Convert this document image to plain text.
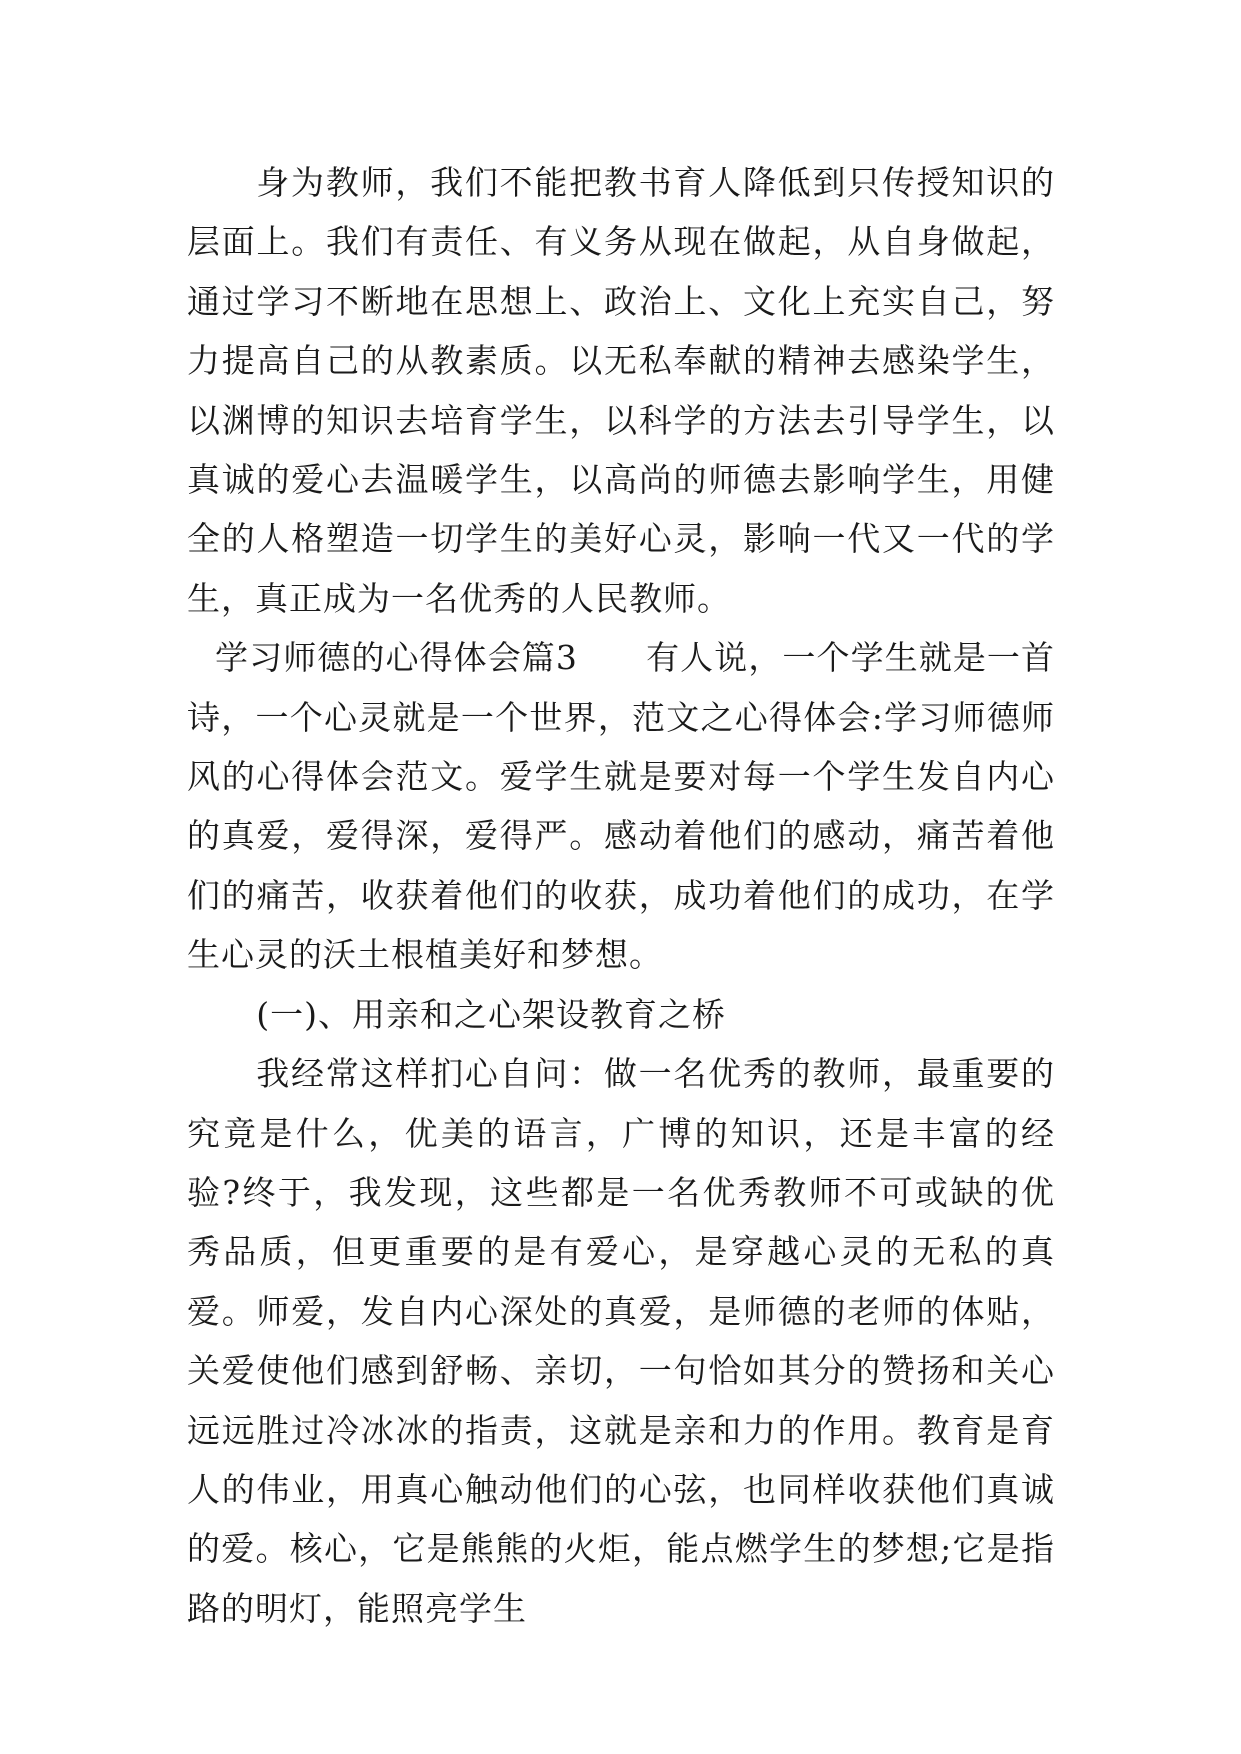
身为教师，我们不能把教书育人降低到只传授知识的层面上。我们有责任、有义务从现在做起，从自身做起，通过学习不断地在思想上、政治上、文化上充实自己，努力提高自己的从教素质。以无私奉献的精神去感染学生，以渊博的知识去培育学生，以科学的方法去引导学生，以真诚的爱心去温暖学生，以高尚的师德去影响学生，用健全的人格塑造一切学生的美好心灵，影响一代又一代的学生，真正成为一名优秀的人民教师。

学习师德的心得体会篇3　　有人说，一个学生就是一首诗，一个心灵就是一个世界，范文之心得体会:学习师德师风的心得体会范文。爱学生就是要对每一个学生发自内心的真爱，爱得深，爱得严。感动着他们的感动，痛苦着他们的痛苦，收获着他们的收获，成功着他们的成功，在学生心灵的沃土根植美好和梦想。

(一)、用亲和之心架设教育之桥

我经常这样扪心自问：做一名优秀的教师，最重要的究竟是什么，优美的语言，广博的知识，还是丰富的经验?终于，我发现，这些都是一名优秀教师不可或缺的优秀品质，但更重要的是有爱心，是穿越心灵的无私的真爱。师爱，发自内心深处的真爱，是师德的老师的体贴，关爱使他们感到舒畅、亲切，一句恰如其分的赞扬和关心远远胜过冷冰冰的指责，这就是亲和力的作用。教育是育人的伟业，用真心触动他们的心弦，也同样收获他们真诚的爱。核心，它是熊熊的火炬，能点燃学生的梦想;它是指路的明灯，能照亮学生
